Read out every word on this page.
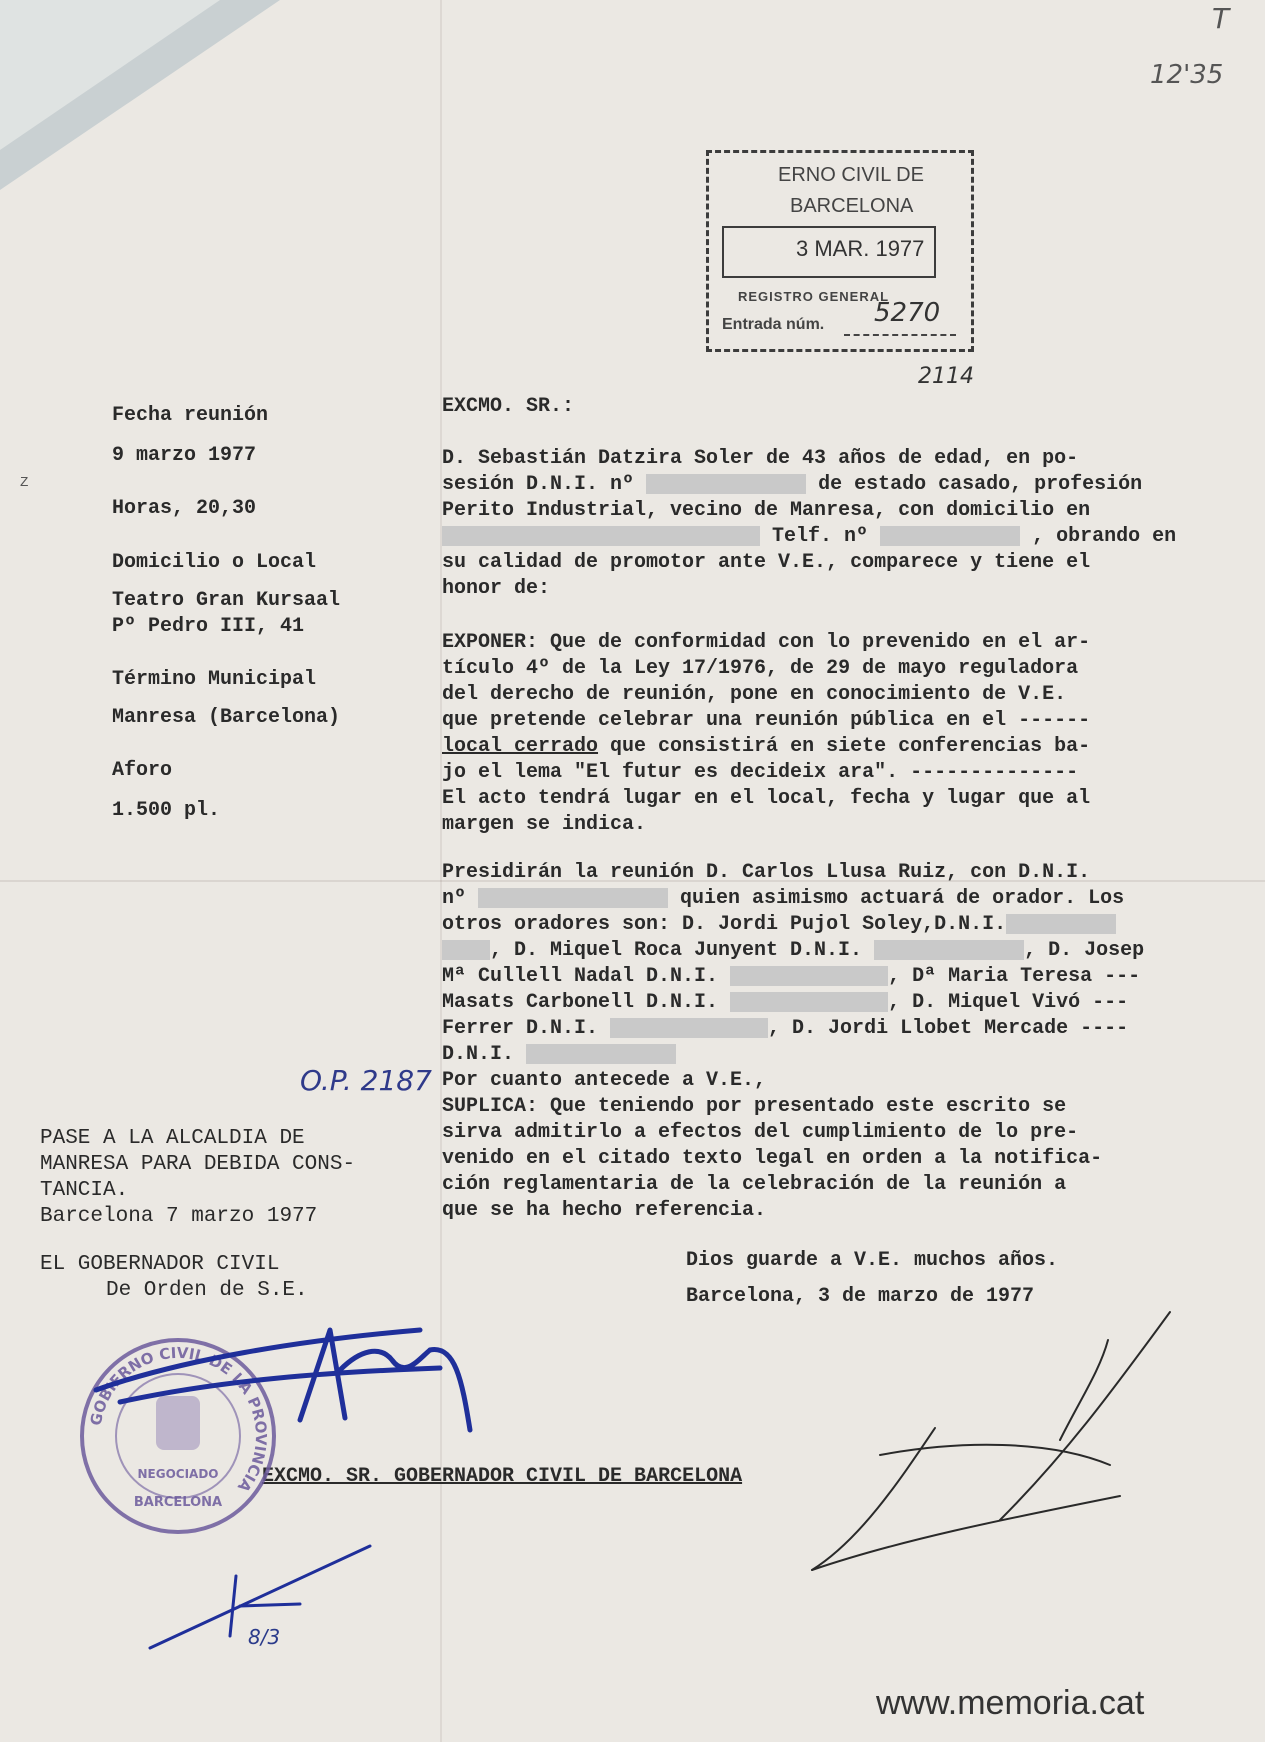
T
12'35
ERNO CIVIL DE
BARCELONA
3 MAR. 1977
REGISTRO GENERAL
Entrada núm. 5270
2114
Fecha reunión
9 marzo 1977
Horas, 20,30
Z
Domicilio o Local
Teatro Gran Kursaal
Pº Pedro III, 41
Término Municipal
Manresa (Barcelona)
Aforo
1.500 pl.
EXCMO. SR.:
D. Sebastián Datzira Soler de 43 años de edad, en po-
sesión D.N.I. nº	de estado casado, profesión
Perito Industrial, vecino de Manresa, con domicilio en
Telf. nº	, obrando en
su calidad de promotor ante V.E., comparece y tiene el
honor de:
EXPONER: Que de conformidad con lo prevenido en el ar-
tículo 4º de la Ley 17/1976, de 29 de mayo reguladora
del derecho de reunión, pone en conocimiento de V.E.
que pretende celebrar una reunión pública en el ------
local cerrado que consistirá en siete conferencias ba-
jo el lema "El futur es decideix ara". --------------
El acto tendrá lugar en el local, fecha y lugar que al
margen se indica.
Presidirán la reunión D. Carlos Llusa Ruiz, con D.N.I.
nº	quien asimismo actuará de orador. Los
otros oradores son: D. Jordi Pujol Soley,D.N.I.
, D. Miquel Roca Junyent D.N.I.	, D. Josep
Mª Cullell Nadal D.N.I.	, Dª Maria Teresa ---
Masats Carbonell D.N.I.	, D. Miquel Vivó ---
Ferrer D.N.I.	, D. Jordi Llobet Mercade ----
D.N.I.
Por cuanto antecede a V.E.,
SUPLICA: Que teniendo por presentado este escrito se
sirva admitirlo a efectos del cumplimiento de lo pre-
venido en el citado texto legal en orden a la notifica-
ción reglamentaria de la celebración de la reunión a
que se ha hecho referencia.
Dios guarde a V.E. muchos años.
Barcelona, 3 de marzo de 1977
EXCMO. SR. GOBERNADOR CIVIL DE BARCELONA
O.P. 2187
PASE A LA ALCALDIA DE
MANRESA PARA DEBIDA CONS-
TANCIA.
Barcelona 7 marzo 1977
EL GOBERNADOR CIVIL
De Orden de S.E.
8/3
GOBIERNO CIVIL DE LA PROVINCIA
NEGOCIADO
BARCELONA
www.memoria.cat
